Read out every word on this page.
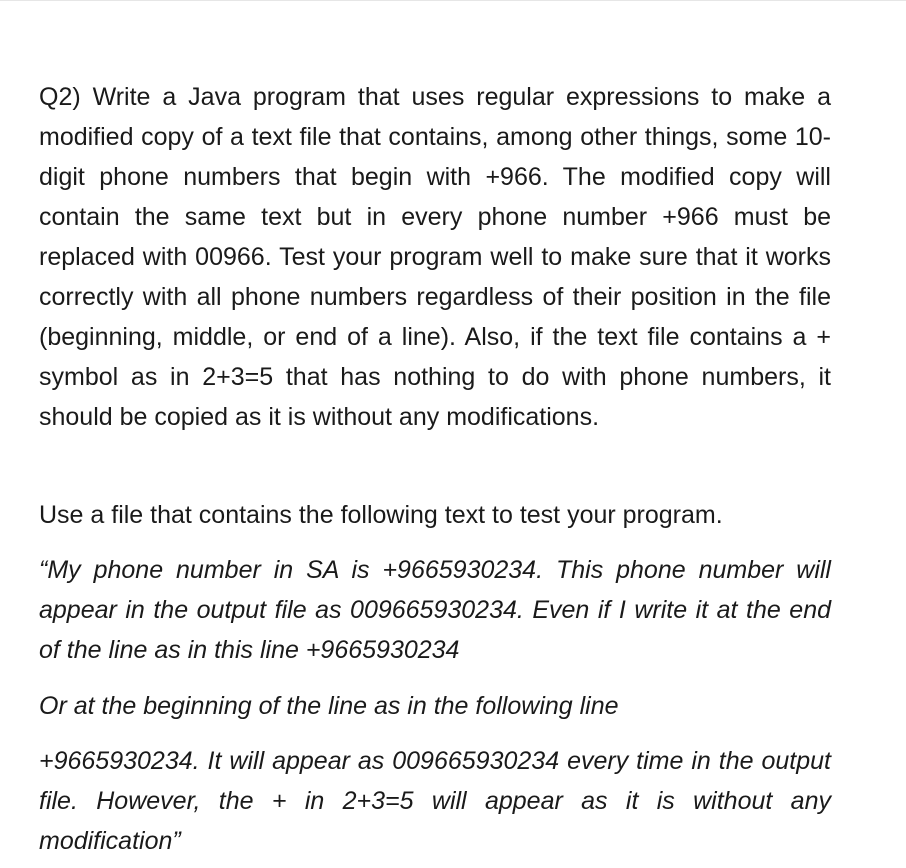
Q2) Write a Java program that uses regular expressions to make a modified copy of a text file that contains, among other things, some 10-digit phone numbers that begin with +966. The modified copy will contain the same text but in every phone number +966 must be replaced with 00966. Test your program well to make sure that it works correctly with all phone numbers regardless of their position in the file (beginning, middle, or end of a line). Also, if the text file contains a + symbol as in 2+3=5 that has nothing to do with phone numbers, it should be copied as it is without any modifications.

Use a file that contains the following text to test your program.

“My phone number in SA is +9665930234. This phone number will appear in the output file as 009665930234. Even if I write it at the end of the line as in this line +9665930234

Or at the beginning of the line as in the following line

+9665930234. It will appear as 009665930234 every time in the output file. However, the + in 2+3=5 will appear as it is without any modification”
